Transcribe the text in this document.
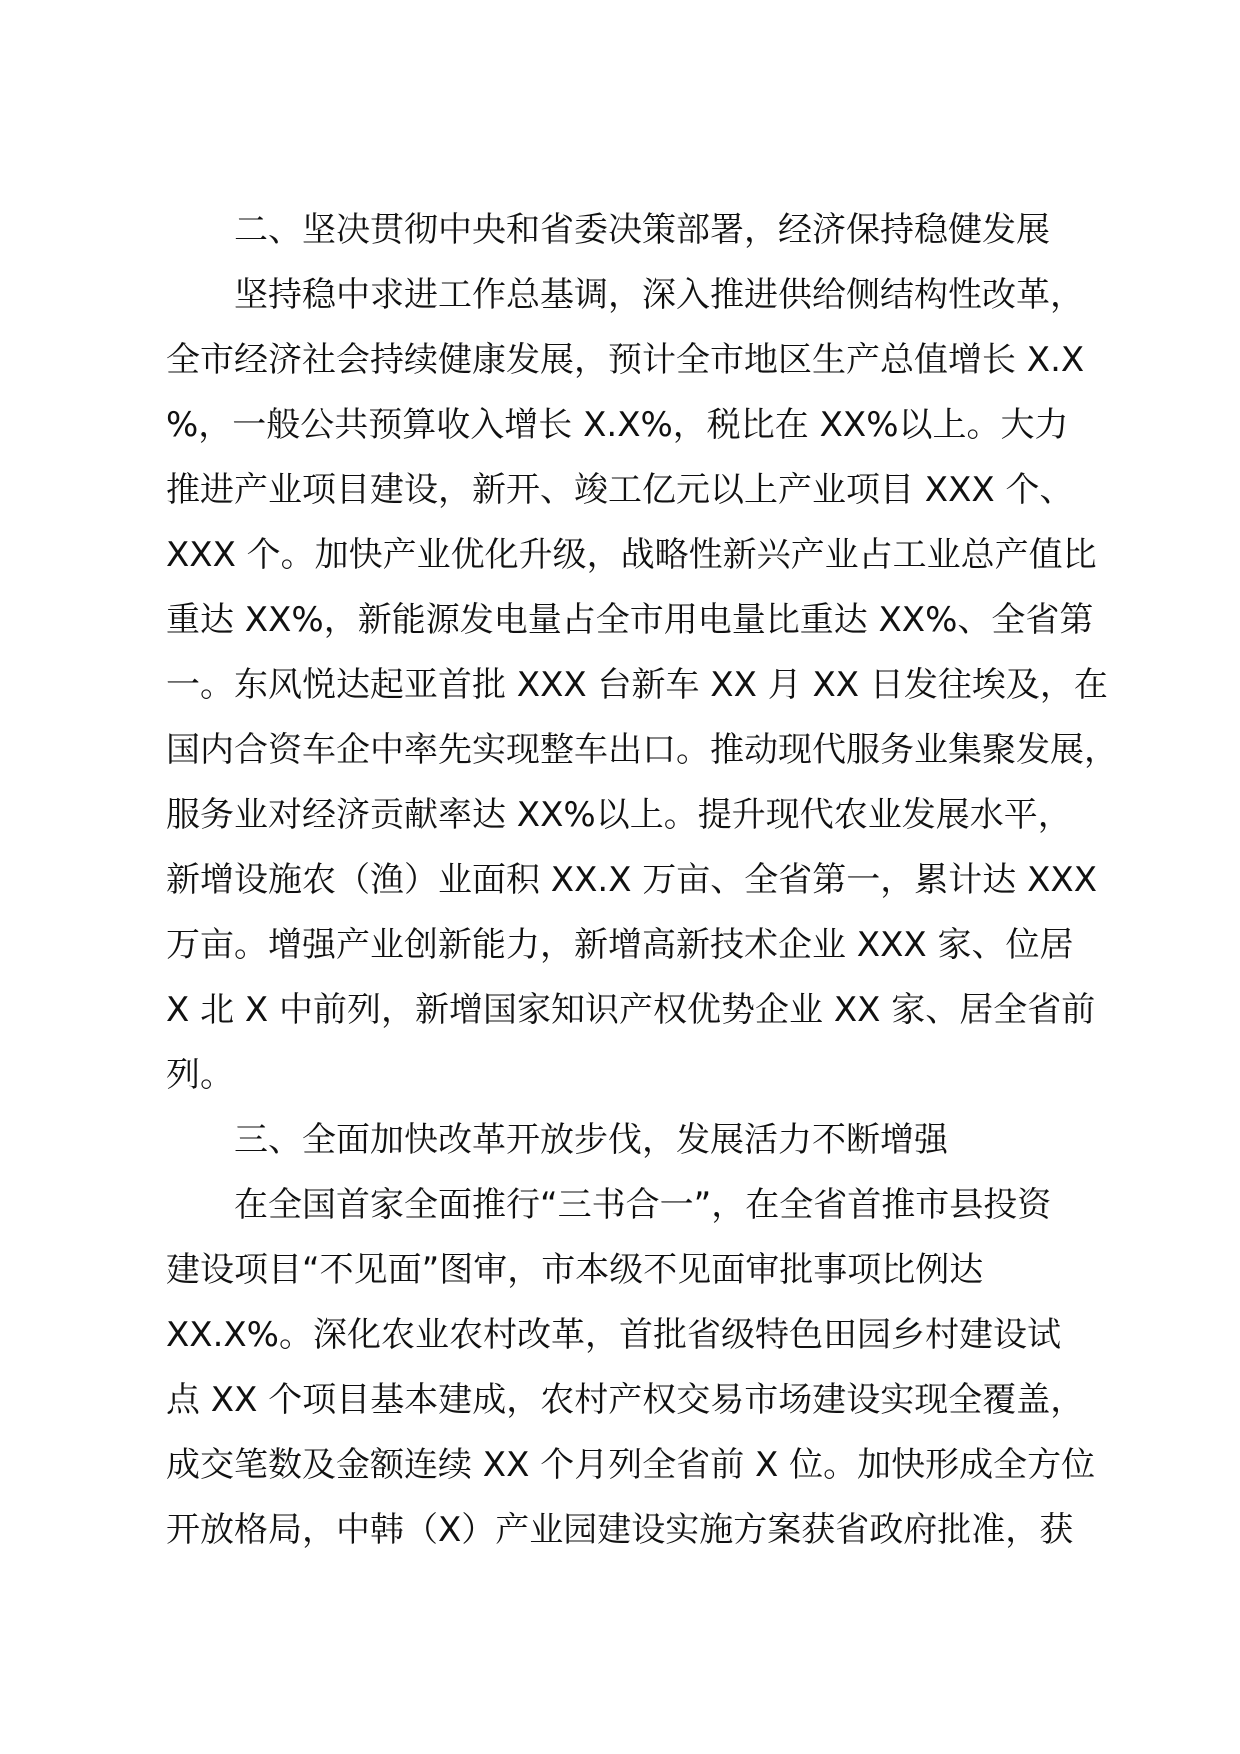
二、坚决贯彻中央和省委决策部署，经济保持稳健发展
坚持稳中求进工作总基调，深入推进供给侧结构性改革，
全市经济社会持续健康发展，预计全市地区生产总值增长 X.X
%，一般公共预算收入增长 X.X%，税比在 XX%以上。大力
推进产业项目建设，新开、竣工亿元以上产业项目 XXX 个、
XXX 个。加快产业优化升级，战略性新兴产业占工业总产值比
重达 XX%，新能源发电量占全市用电量比重达 XX%、全省第
一。东风悦达起亚首批 XXX 台新车 XX 月 XX 日发往埃及，在
国内合资车企中率先实现整车出口。推动现代服务业集聚发展，
服务业对经济贡献率达 XX%以上。提升现代农业发展水平，
新增设施农（渔）业面积 XX.X 万亩、全省第一，累计达 XXX
万亩。增强产业创新能力，新增高新技术企业 XXX 家、位居
X 北 X 中前列，新增国家知识产权优势企业 XX 家、居全省前
列。
三、全面加快改革开放步伐，发展活力不断增强
在全国首家全面推行“三书合一”，在全省首推市县投资
建设项目“不见面”图审，市本级不见面审批事项比例达
XX.X%。深化农业农村改革，首批省级特色田园乡村建设试
点 XX 个项目基本建成，农村产权交易市场建设实现全覆盖，
成交笔数及金额连续 XX 个月列全省前 X 位。加快形成全方位
开放格局，中韩（X）产业园建设实施方案获省政府批准，获
